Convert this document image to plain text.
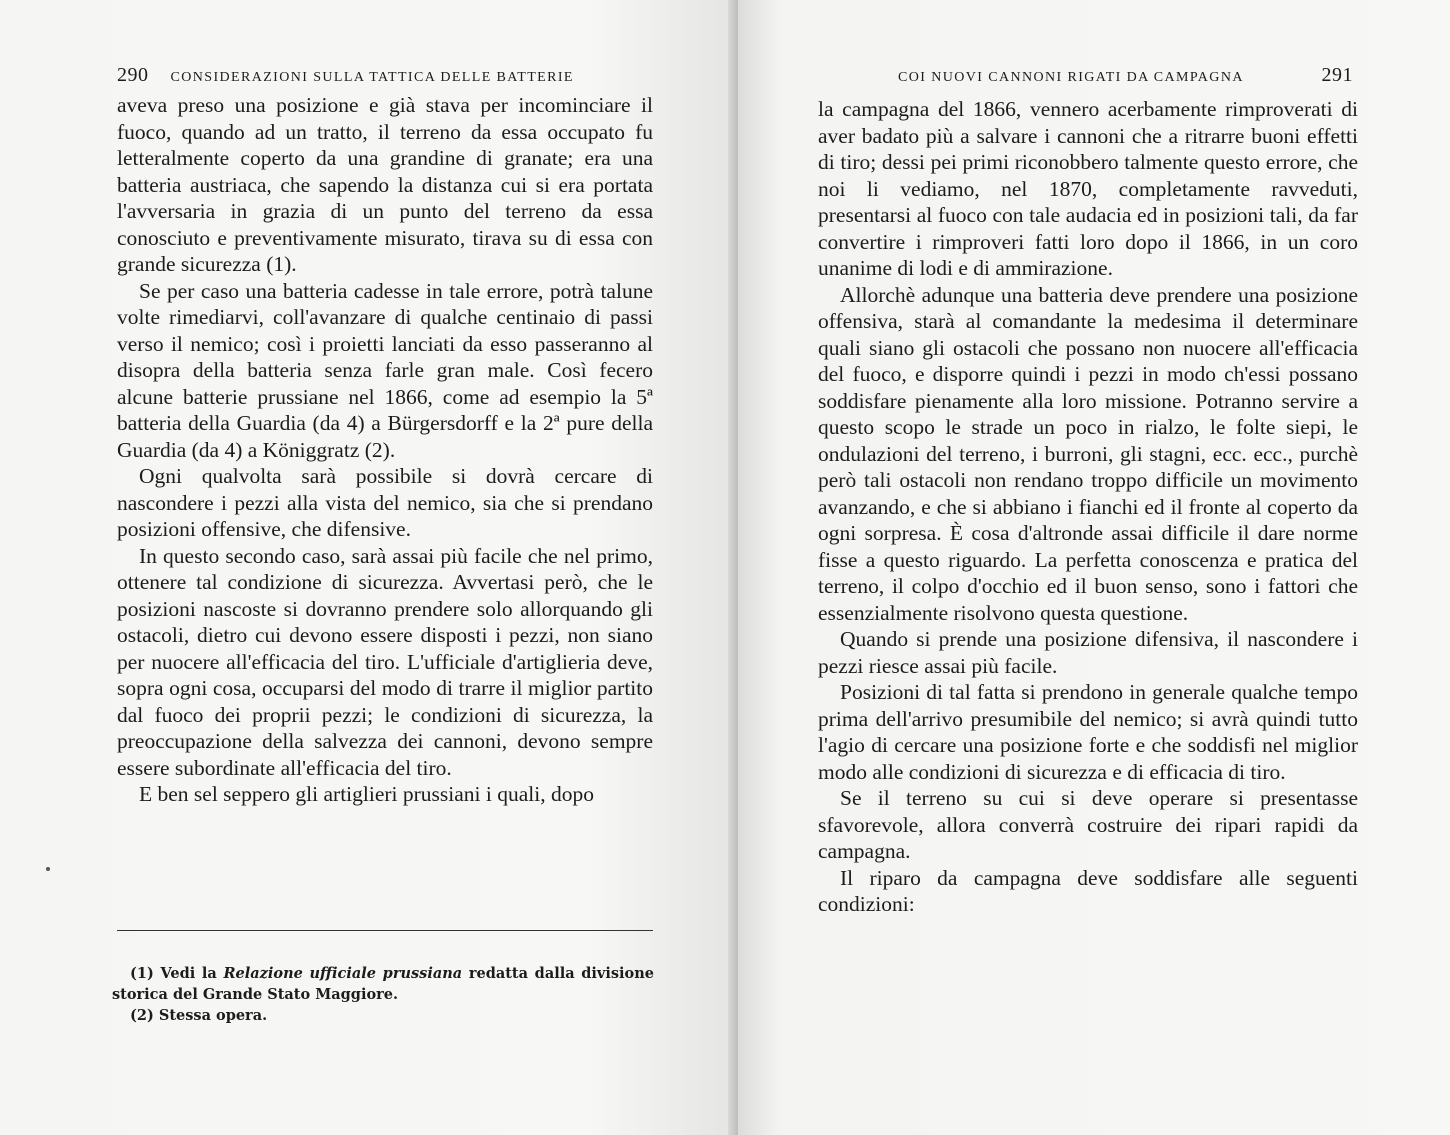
290 CONSIDERAZIONI SULLA TATTICA DELLE BATTERIE

aveva preso una posizione e già stava per incominciare il fuoco, quando ad un tratto, il terreno da essa occupato fu letteralmente coperto da una grandine di granate; era una batteria austriaca, che sapendo la distanza cui si era portata l'avversaria in grazia di un punto del terreno da essa conosciuto e preventivamente misurato, tirava su di essa con grande sicurezza (1).

Se per caso una batteria cadesse in tale errore, potrà talune volte rimediarvi, coll'avanzare di qualche centinaio di passi verso il nemico; così i proietti lanciati da esso passeranno al disopra della batteria senza farle gran male. Così fecero alcune batterie prussiane nel 1866, come ad esempio la 5ª batteria della Guardia (da 4) a Bürgersdorff e la 2ª pure della Guardia (da 4) a Königgratz (2).

Ogni qualvolta sarà possibile si dovrà cercare di nascondere i pezzi alla vista del nemico, sia che si prendano posizioni offensive, che difensive.

In questo secondo caso, sarà assai più facile che nel primo, ottenere tal condizione di sicurezza. Avvertasi però, che le posizioni nascoste si dovranno prendere solo allorquando gli ostacoli, dietro cui devono essere disposti i pezzi, non siano per nuocere all'efficacia del tiro. L'ufficiale d'artiglieria deve, sopra ogni cosa, occuparsi del modo di trarre il miglior partito dal fuoco dei proprii pezzi; le condizioni di sicurezza, la preoccupazione della salvezza dei cannoni, devono sempre essere subordinate all'efficacia del tiro.

E ben sel seppero gli artiglieri prussiani i quali, dopo

(1) Vedi la Relazione ufficiale prussiana redatta dalla divisione storica del Grande Stato Maggiore.

(2) Stessa opera.

COI NUOVI CANNONI RIGATI DA CAMPAGNA	291

la campagna del 1866, vennero acerbamente rimproverati di aver badato più a salvare i cannoni che a ritrarre buoni effetti di tiro; dessi pei primi riconobbero talmente questo errore, che noi li vediamo, nel 1870, completamente ravveduti, presentarsi al fuoco con tale audacia ed in posizioni tali, da far convertire i rimproveri fatti loro dopo il 1866, in un coro unanime di lodi e di ammirazione.

Allorchè adunque una batteria deve prendere una posizione offensiva, starà al comandante la medesima il determinare quali siano gli ostacoli che possano non nuocere all'efficacia del fuoco, e disporre quindi i pezzi in modo ch'essi possano soddisfare pienamente alla loro missione. Potranno servire a questo scopo le strade un poco in rialzo, le folte siepi, le ondulazioni del terreno, i burroni, gli stagni, ecc. ecc., purchè però tali ostacoli non rendano troppo difficile un movimento avanzando, e che si abbiano i fianchi ed il fronte al coperto da ogni sorpresa. È cosa d'altronde assai difficile il dare norme fisse a questo riguardo. La perfetta conoscenza e pratica del terreno, il colpo d'occhio ed il buon senso, sono i fattori che essenzialmente risolvono questa questione.

Quando si prende una posizione difensiva, il nascondere i pezzi riesce assai più facile.

Posizioni di tal fatta si prendono in generale qualche tempo prima dell'arrivo presumibile del nemico; si avrà quindi tutto l'agio di cercare una posizione forte e che soddisfi nel miglior modo alle condizioni di sicurezza e di efficacia di tiro.

Se il terreno su cui si deve operare si presentasse sfavorevole, allora converrà costruire dei ripari rapidi da campagna.

Il riparo da campagna deve soddisfare alle seguenti condizioni:
